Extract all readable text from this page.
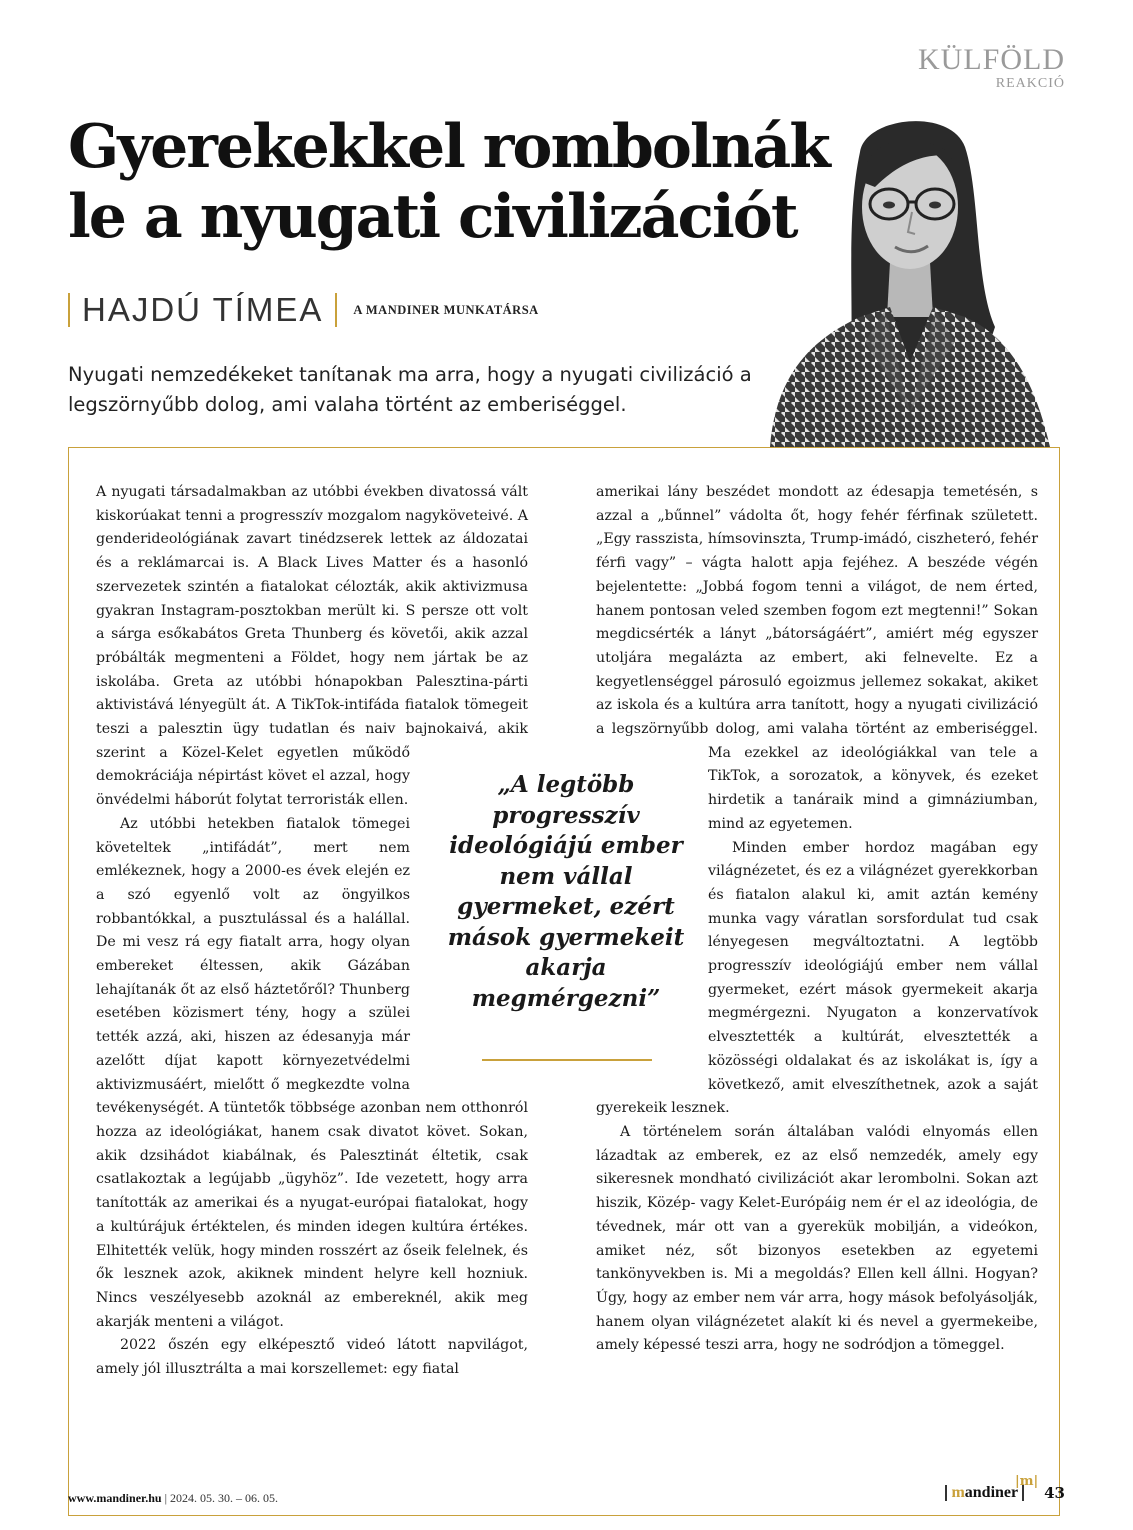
KÜLFÖLD
REAKCIÓ
Gyerekekkel rombolnák le a nyugati civilizációt
HAJDÚ TÍMEA	A MANDINER MUNKATÁRSA
Nyugati nemzedékeket tanítanak ma arra, hogy a nyugati civilizáció a legszörnyűbb dolog, ami valaha történt az emberiséggel.

A nyugati társadalmakban az utóbbi években divatossá vált kiskorúakat tenni a progresszív mozgalom nagyköveteivé. A genderideológiának zavart tinédzserek lettek az áldozatai és a reklámarcai is. A Black Lives Matter és a hasonló szervezetek szintén a fiatalokat célozták, akik aktivizmusa gyakran Instagram-posztokban merült ki. S persze ott volt a sárga esőkabátos Greta Thunberg és követői, akik azzal próbálták megmenteni a Földet, hogy nem jártak be az iskolába. Greta az utóbbi hónapokban Palesztina-párti aktivistává lényegült át. A TikTok-intifáda fiatalok tömegeit teszi a palesztin ügy tudatlan és naiv bajnokaivá, akik szerint a Közel-Kelet egyetlen működő demokráciája népirtást követ el azzal, hogy önvédelmi háborút folytat terroristák ellen.

Az utóbbi hetekben fiatalok tömegei követeltek „intifádát”, mert nem emlékeznek, hogy a 2000-es évek elején ez a szó egyenlő volt az öngyilkos robbantókkal, a pusztulással és a halállal. De mi vesz rá egy fiatalt arra, hogy olyan embereket éltessen, akik Gázában lehajítanák őt az első háztetőről? Thunberg esetében közismert tény, hogy a szülei tették azzá, aki, hiszen az édesanyja már azelőtt díjat kapott környezetvédelmi aktivizmusáért, mielőtt ő megkezdte volna tevékenységét. A tüntetők többsége azonban nem otthonról hozza az ideológiákat, hanem csak divatot követ. Sokan, akik dzsihádot kiabálnak, és Palesztinát éltetik, csak csatlakoztak a legújabb „ügyhöz”. Ide vezetett, hogy arra tanították az amerikai és a nyugat-európai fiatalokat, hogy a kultúrájuk értéktelen, és minden idegen kultúra értékes. Elhitették velük, hogy minden rosszért az őseik felelnek, és ők lesznek azok, akiknek mindent helyre kell hozniuk. Nincs veszélyesebb azoknál az embereknél, akik meg akarják menteni a világot.

2022 őszén egy elképesztő videó látott napvilágot, amely jól illusztrálta a mai korszellemet: egy fiatal

amerikai lány beszédet mondott az édesapja temetésén, s azzal a „bűnnel” vádolta őt, hogy fehér férfinak született. „Egy rasszista, hímsovinszta, Trump-imádó, ciszheteró, fehér férfi vagy” – vágta halott apja fejéhez. A beszéde végén bejelentette: „Jobbá fogom tenni a világot, de nem érted, hanem pontosan veled szemben fogom ezt megtenni!” Sokan megdicsérték a lányt „bátorságáért”, amiért még egyszer utoljára megalázta az embert, aki felnevelte. Ez a kegyetlenséggel párosuló egoizmus jellemez sokakat, akiket az iskola és a kultúra arra tanított, hogy a nyugati civilizáció a legszörnyűbb dolog, ami valaha történt az emberiséggel. Ma ezekkel az ideológiákkal van tele a TikTok, a sorozatok, a könyvek, és ezeket hirdetik a tanáraik mind a gimnáziumban, mind az egyetemen.

Minden ember hordoz magában egy világnézetet, és ez a világnézet gyerekkorban és fiatalon alakul ki, amit aztán kemény munka vagy váratlan sorsfordulat tud csak lényegesen megváltoztatni. A legtöbb progresszív ideológiájú ember nem vállal gyermeket, ezért mások gyermekeit akarja megmérgezni. Nyugaton a konzervatívok elvesztették a kultúrát, elvesztették a közösségi oldalakat és az iskolákat is, így a következő, amit elveszíthetnek, azok a saját gyerekeik lesznek.

A történelem során általában valódi elnyomás ellen lázadtak az emberek, ez az első nemzedék, amely egy sikeresnek mondható civilizációt akar lerombolni. Sokan azt hiszik, Közép- vagy Kelet-Európáig nem ér el az ideológia, de tévednek, már ott van a gyerekük mobilján, a videókon, amiket néz, sőt bizonyos esetekben az egyetemi tankönyvekben is. Mi a megoldás? Ellen kell állni. Hogyan? Úgy, hogy az ember nem vár arra, hogy mások befolyásolják, hanem olyan világnézetet alakít ki és nevel a gyermekeibe, amely képessé teszi arra, hogy ne sodródjon a tömeggel.

„A legtöbb progresszív ideológiájú ember nem vállal gyermeket, ezért mások gyermekeit akarja megmérgezni”
|m|
www.mandiner.hu | 2024. 05. 30. – 06. 05.	mandiner	43
